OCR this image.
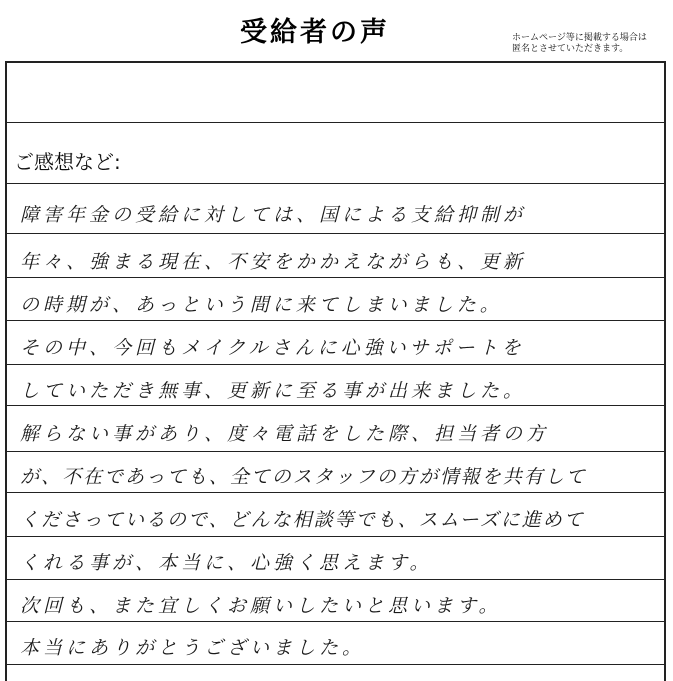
受給者の声	ホームページ等に掲載する場合は
匿名とさせていただきます。
ご感想など:
障害年金の受給に対しては、国による支給抑制が
年々、強まる現在、不安をかかえながらも、更新
の時期が、あっという間に来てしまいました。
その中、今回もメイクルさんに心強いサポートを
していただき無事、更新に至る事が出来ました。
解らない事があり、度々電話をした際、担当者の方
が、不在であっても、全てのスタッフの方が情報を共有して
くださっているので、どんな相談等でも、スムーズに進めて
くれる事が、本当に、心強く思えます。
次回も、また宜しくお願いしたいと思います。
本当にありがとうございました。
